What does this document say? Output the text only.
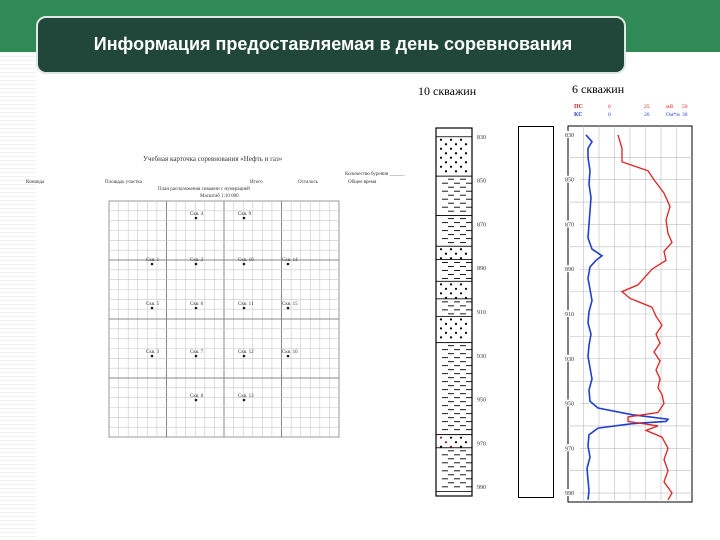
Информация предоставляемая в день соревнования
10 скважин	6 скважин
Учебная карточка соревнования «Нефть и газ»
Команда	Площадь участка	Итого	Осталось	Общее время
Количество бурения ______
План расположения скважин с нумерацией
Масштаб 1:10 000
Скв. 4	Скв. 9
Скв. 1	Скв. 2	Скв. 10	Скв. 14
Скв. 5	Скв. 6	Скв. 11	Скв. 15
Скв. 3	Скв. 7	Скв. 12	Скв. 16
Скв. 8	Скв. 13
830
850
870
890
910
930
950
970
990
ПС
КС
0
0
25
20
мВ
Ом*м
50
30
830
850
870
890
910
930
950
970
990
